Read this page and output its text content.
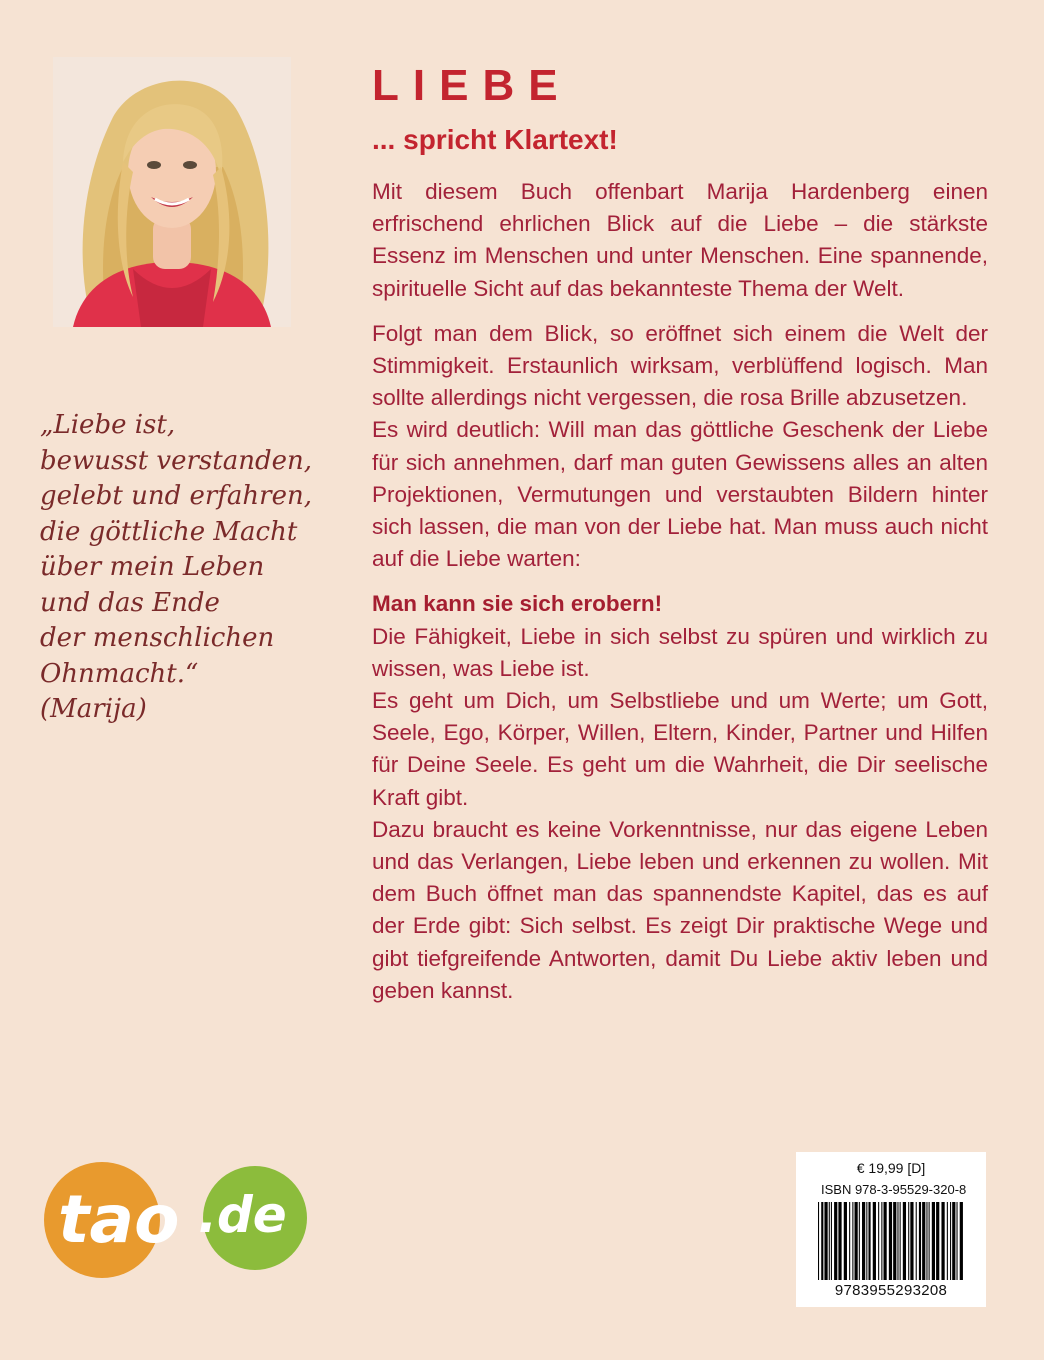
„Liebe ist,
bewusst verstanden,
gelebt und erfahren,
die göttliche Macht
über mein Leben
und das Ende
der menschlichen
Ohnmacht.“
(Marija)
LIEBE
... spricht Klartext!

Mit diesem Buch offenbart Marija Hardenberg einen erfrischend ehrlichen Blick auf die Liebe – die stärkste Essenz im Menschen und unter Menschen. Eine spannende, spirituelle Sicht auf das bekannteste Thema der Welt.

Folgt man dem Blick, so eröffnet sich einem die Welt der Stimmigkeit. Erstaunlich wirksam, verblüffend logisch. Man sollte allerdings nicht vergessen, die rosa Brille abzusetzen.

Es wird deutlich: Will man das göttliche Geschenk der Liebe für sich annehmen, darf man guten Gewissens alles an alten Projektionen, Vermutungen und verstaubten Bildern hinter sich lassen, die man von der Liebe hat. Man muss auch nicht auf die Liebe warten:

Man kann sie sich erobern!

Die Fähigkeit, Liebe in sich selbst zu spüren und wirklich zu wissen, was Liebe ist.

Es geht um Dich, um Selbstliebe und um Werte; um Gott, Seele, Ego, Körper, Willen, Eltern, Kinder, Partner und Hilfen für Deine Seele. Es geht um die Wahrheit, die Dir seelische Kraft gibt.

Dazu braucht es keine Vorkenntnisse, nur das eigene Leben und das Verlangen, Liebe leben und erkennen zu wollen. Mit dem Buch öffnet man das spannendste Kapitel, das es auf der Erde gibt: Sich selbst. Es zeigt Dir praktische Wege und gibt tiefgreifende Antworten, damit Du Liebe aktiv leben und geben kannst.

tao .de
€ 19,99 [D]
ISBN 978-3-95529-320-8
9783955293208
